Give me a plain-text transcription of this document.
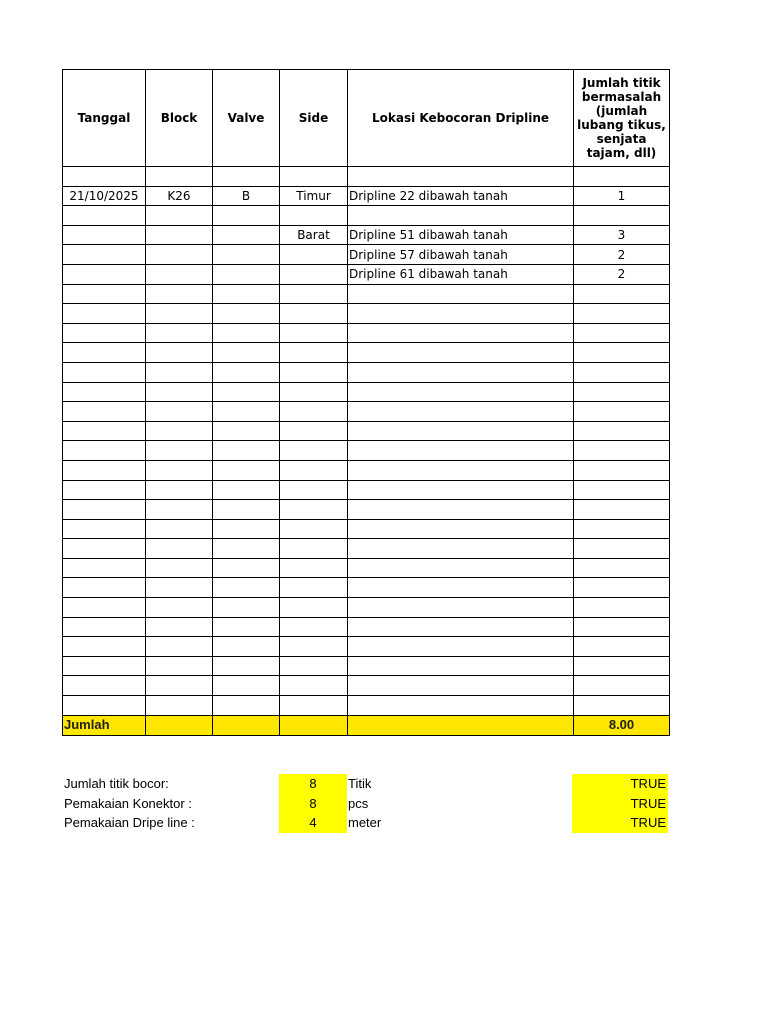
Tanggal	Block	Valve	Side	Lokasi Kebocoran Dripline	Jumlah titik bermasalah (jumlah lubang tikus, senjata tajam, dll)

21/10/2025	K26	B	Timur	Dripline 22 dibawah tanah	1

			Barat	Dripline 51 dibawah tanah	3
				Dripline 57 dibawah tanah	2
				Dripline 61 dibawah tanah	2

Jumlah					8.00
Jumlah titik bocor:	8	Titik	TRUE
Pemakaian Konektor :	8	pcs	TRUE
Pemakaian Dripe line :	4	meter	TRUE
